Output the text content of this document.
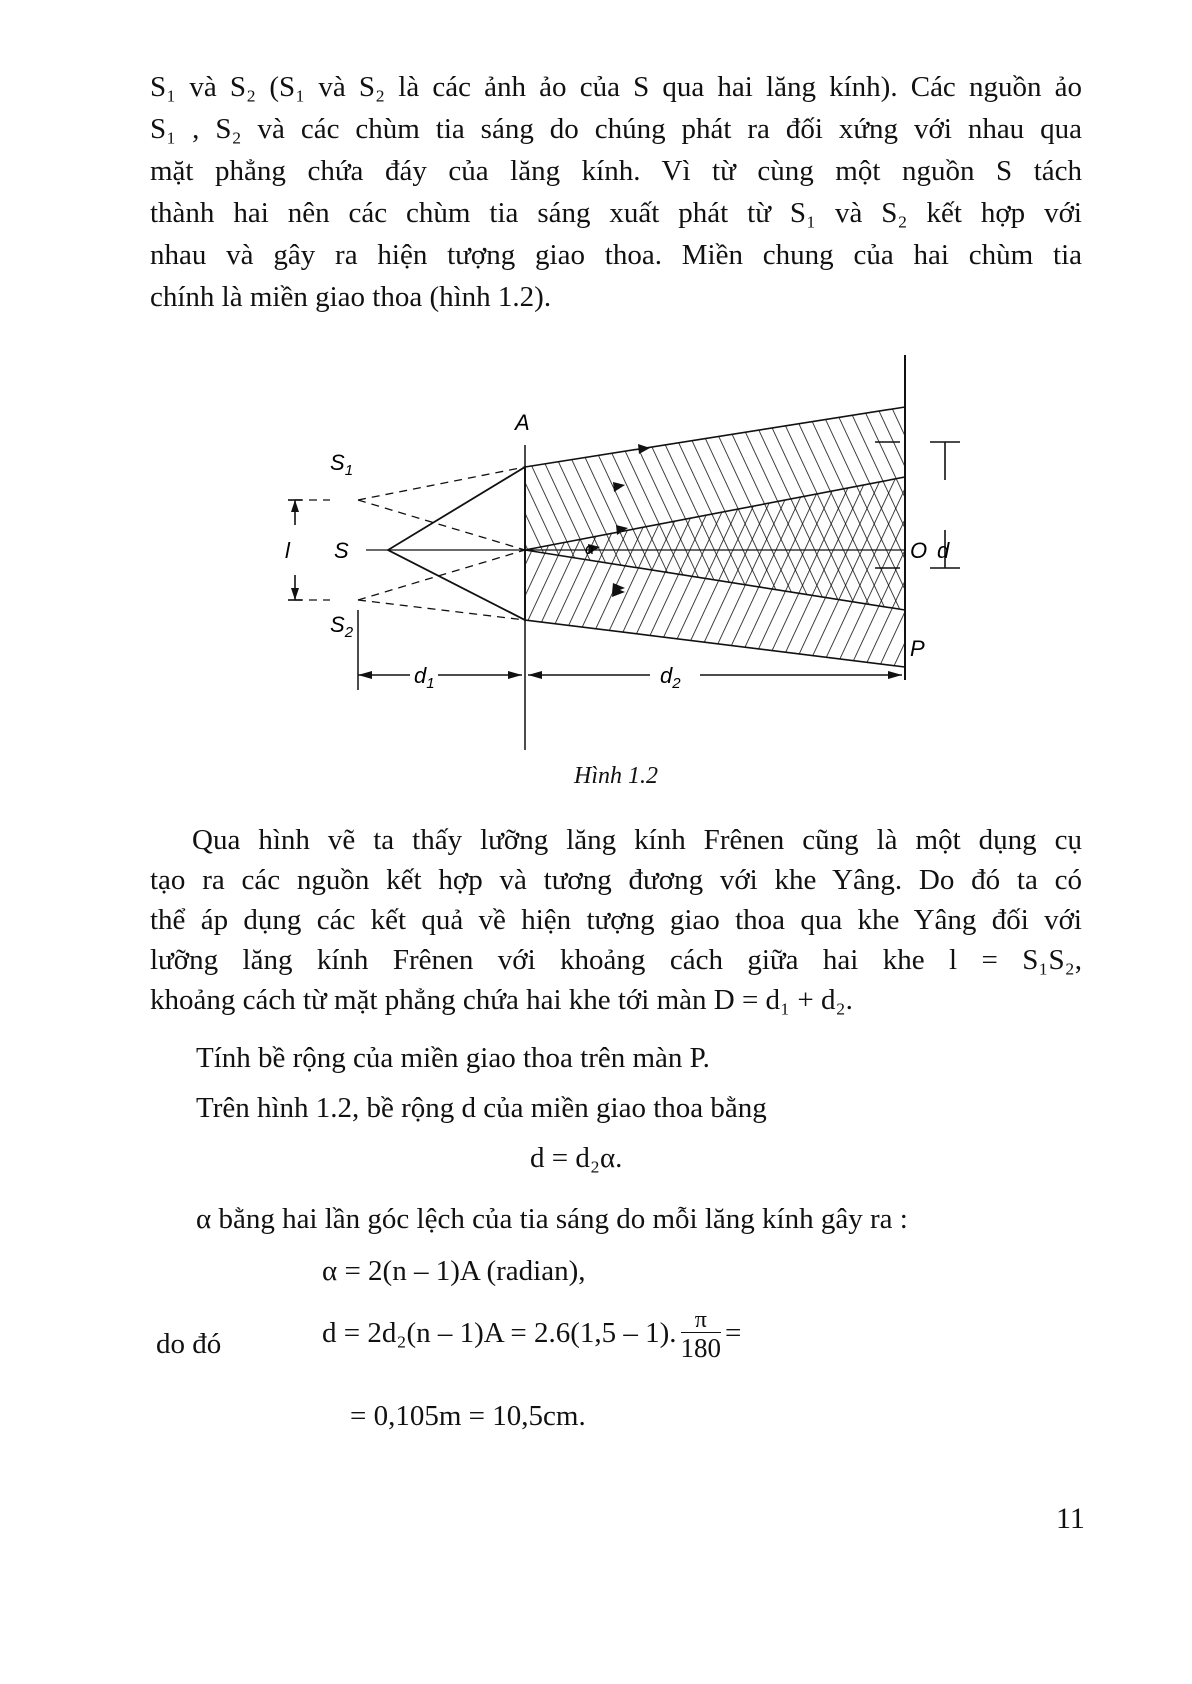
S₁ và S₂ (S₁ và S₂ là các ảnh ảo của S qua hai lăng kính). Các nguồn ảo
S₁ , S₂ và các chùm tia sáng do chúng phát ra đối xứng với nhau qua
mặt phẳng chứa đáy của lăng kính. Vì từ cùng một nguồn S tách
thành hai nên các chùm tia sáng xuất phát từ S₁ và S₂ kết hợp với
nhau và gây ra hiện tượng giao thoa. Miền chung của hai chùm tia
chính là miền giao thoa (hình 1.2).
A
$S_1$
S
$S_2$
l	O d
α
P
$d_1$	$d_2$
Hình 1.2
Qua hình vẽ ta thấy lưỡng lăng kính Frênen cũng là một dụng cụ
tạo ra các nguồn kết hợp và tương đương với khe Yâng. Do đó ta có
thể áp dụng các kết quả về hiện tượng giao thoa qua khe Yâng đối với
lưỡng lăng kính Frênen với khoảng cách giữa hai khe l = S₁S₂,
khoảng cách từ mặt phẳng chứa hai khe tới màn D = d₁ + d₂.
Tính bề rộng của miền giao thoa trên màn P.
Trên hình 1.2, bề rộng d của miền giao thoa bằng
d = d₂α.
α bằng hai lần góc lệch của tia sáng do mỗi lăng kính gây ra :
α = 2(n – 1)A (radian),
do đó	d = 2d₂(n – 1)A = 2.6(1,5 – 1). $\frac{\pi}{180}$ =
= 0,105m = 10,5cm.
11
